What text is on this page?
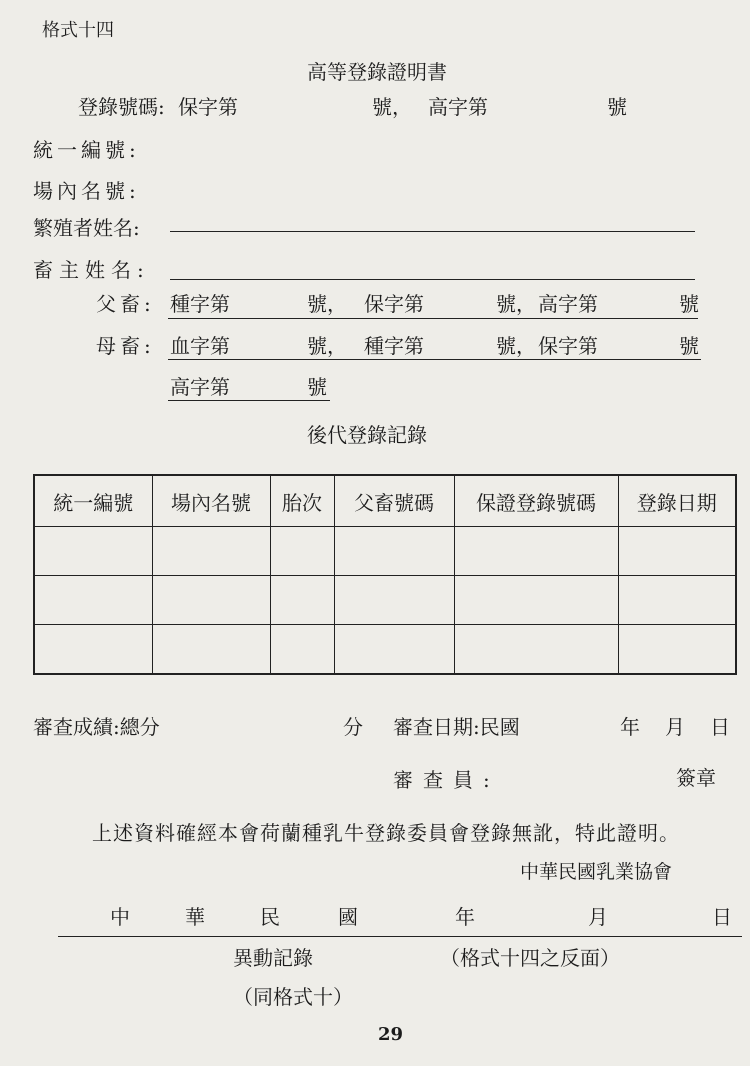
格式十四
高等登錄證明書
登錄號碼: 保字第	號， 高字第	號
統一編號:
場內名號:
繁殖者姓名:
畜主姓名:
父畜: 種字第	號， 保字第	號， 高字第	號
母畜: 血字第	號， 種字第	號， 保字第	號
高字第	號
後代登錄記錄
統一編號	場內名號	胎次	父畜號碼	保證登錄號碼	登錄日期

審查成績:總分	分 審查日期:民國	年 月 日
審查員:	簽章
上述資料確經本會荷蘭種乳牛登錄委員會登錄無訛，特此證明。
中華民國乳業協會
中	華	民	國	年	月	日
異動記錄	（格式十四之反面）
（同格式十）
29
